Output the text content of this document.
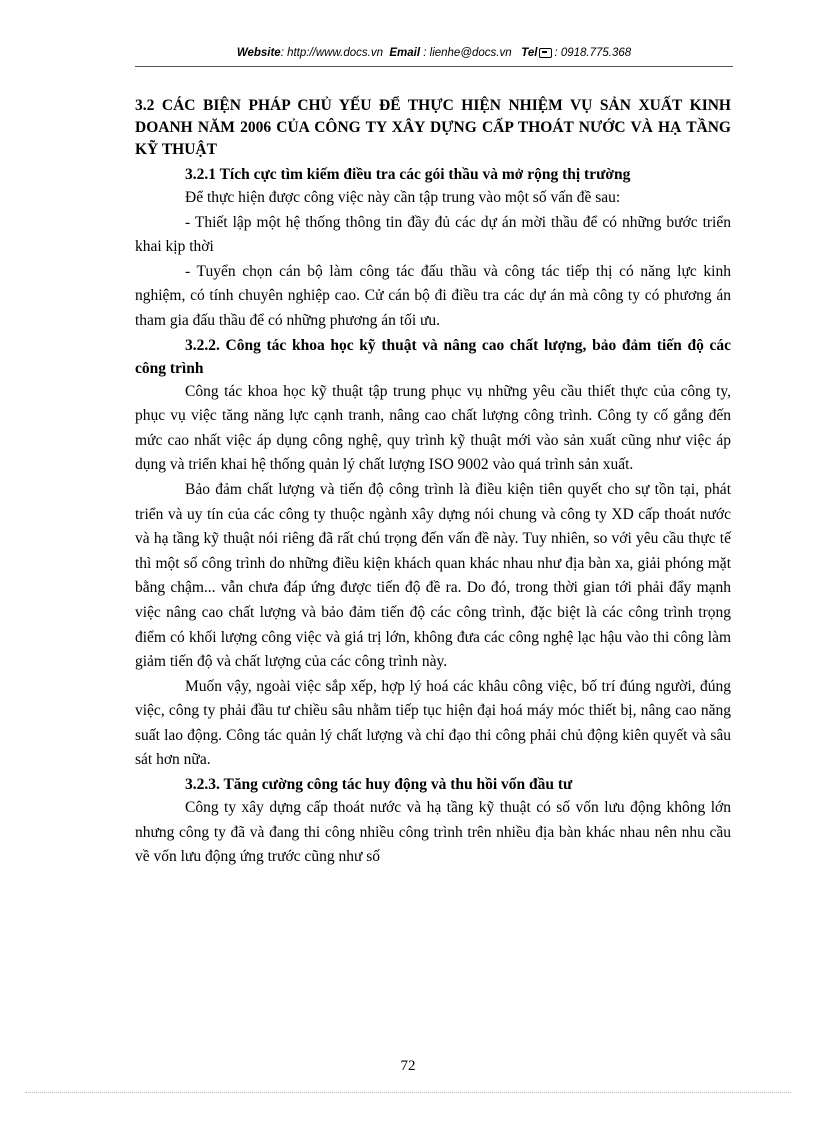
Website: http://www.docs.vn Email : lienhe@docs.vn Tel : 0918.775.368
3.2 CÁC BIỆN PHÁP CHỦ YẾU ĐỂ THỰC HIỆN NHIỆM VỤ SẢN XUẤT KINH DOANH NĂM 2006 CỦA CÔNG TY XÂY DỰNG CẤP THOÁT NƯỚC VÀ HẠ TẦNG KỸ THUẬT
3.2.1 Tích cực tìm kiếm điều tra các gói thầu và mở rộng thị trường

Để thực hiện được công việc này cần tập trung vào một số vấn đề sau:

- Thiết lập một hệ thống thông tin đầy đủ các dự án mời thầu để có những bước triển khai kịp thời

- Tuyển chọn cán bộ làm công tác đấu thầu và công tác tiếp thị có năng lực kinh nghiệm, có tính chuyên nghiệp cao. Cử cán bộ đi điều tra các dự án mà công ty có phương án tham gia đấu thầu để có những phương án tối ưu.

3.2.2. Công tác khoa học kỹ thuật và nâng cao chất lượng, bảo đảm tiến độ các công trình

Công tác khoa học kỹ thuật tập trung phục vụ những yêu cầu thiết thực của công ty, phục vụ việc tăng năng lực cạnh tranh, nâng cao chất lượng công trình. Công ty cố gắng đến mức cao nhất việc áp dụng công nghệ, quy trình kỹ thuật mới vào sản xuất cũng như việc áp dụng và triển khai hệ thống quản lý chất lượng ISO 9002 vào quá trình sản xuất.

Bảo đảm chất lượng và tiến độ công trình là điều kiện tiên quyết cho sự tồn tại, phát triển và uy tín của các công ty thuộc ngành xây dựng nói chung và công ty XD cấp thoát nước và hạ tầng kỹ thuật nói riêng đã rất chú trọng đến vấn đề này. Tuy nhiên, so với yêu cầu thực tế thì một số công trình do những điều kiện khách quan khác nhau như địa bàn xa, giải phóng mặt bằng chậm... vẫn chưa đáp ứng được tiến độ đề ra. Do đó, trong thời gian tới phải đẩy mạnh việc nâng cao chất lượng và bảo đảm tiến độ các công trình, đặc biệt là các công trình trọng điểm có khối lượng công việc và giá trị lớn, không đưa các công nghệ lạc hậu vào thi công làm giảm tiến độ và chất lượng của các công trình này.

Muốn vậy, ngoài việc sắp xếp, hợp lý hoá các khâu công việc, bố trí đúng người, đúng việc, công ty phải đầu tư chiều sâu nhằm tiếp tục hiện đại hoá máy móc thiết bị, nâng cao năng suất lao động. Công tác quản lý chất lượng và chỉ đạo thi công phải chủ động kiên quyết và sâu sát hơn nữa.

3.2.3. Tăng cường công tác huy động và thu hồi vốn đầu tư

Công ty xây dựng cấp thoát nước và hạ tầng kỹ thuật có số vốn lưu động không lớn nhưng công ty đã và đang thi công nhiều công trình trên nhiều địa bàn khác nhau nên nhu cầu về vốn lưu động ứng trước cũng như số

72
